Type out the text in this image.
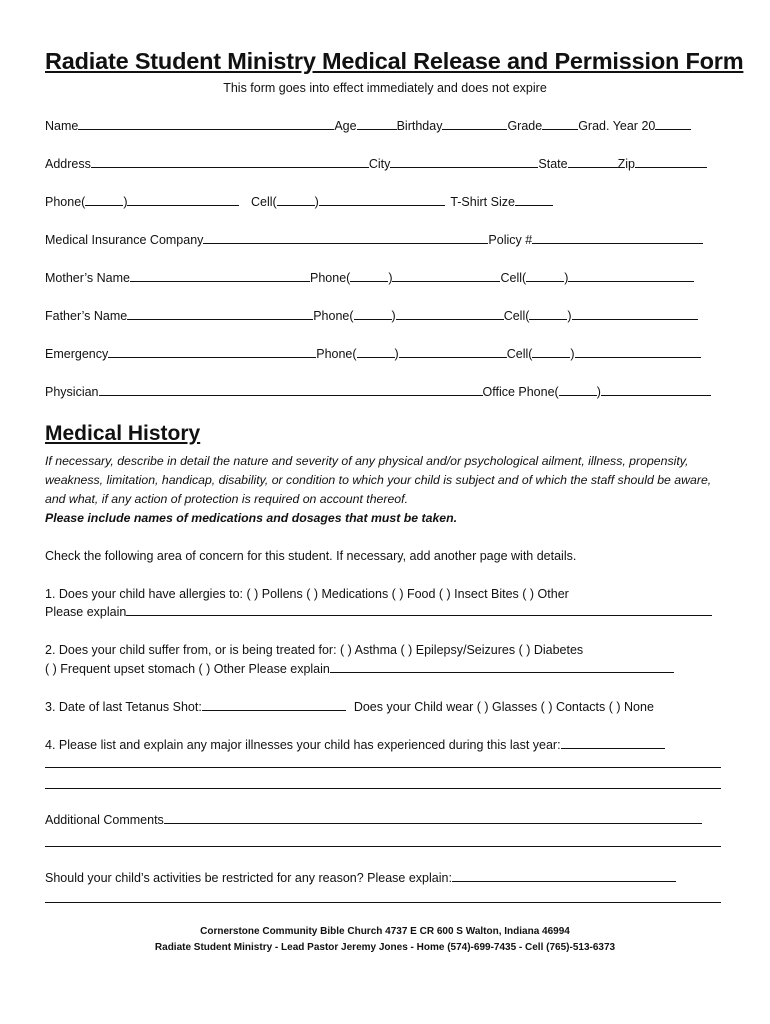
Radiate Student Ministry Medical Release and Permission Form
This form goes into effect immediately and does not expire
Name	Age	Birthday	Grade	Grad. Year 20
Address	City	State	Zip
Phone(	)	Cell(	)	T-Shirt Size
Medical Insurance Company	Policy #
Mother’s Name	Phone(	)	Cell(	)
Father’s Name	Phone(	)	Cell(	)
Emergency	Phone(	)	Cell(	)
Physician	Office Phone(	)
Medical History
If necessary, describe in detail the nature and severity of any physical and/or psychological ailment, illness, propensity, weakness, limitation, handicap, disability, or condition to which your child is subject and of which the staff should be aware, and what, if any action of protection is required on account thereof.
Please include names of medications and dosages that must be taken.
Check the following area of concern for this student. If necessary, add another page with details.
1. Does your child have allergies to: ( ) Pollens ( ) Medications ( ) Food ( ) Insect Bites ( ) Other
Please explain
2. Does your child suffer from, or is being treated for: ( ) Asthma ( ) Epilepsy/Seizures ( ) Diabetes
( ) Frequent upset stomach ( ) Other Please explain
3. Date of last Tetanus Shot:	Does your Child wear ( ) Glasses ( ) Contacts ( ) None
4. Please list and explain any major illnesses your child has experienced during this last year:
Additional Comments
Should your child’s activities be restricted for any reason? Please explain:
Cornerstone Community Bible Church 4737 E CR 600 S Walton, Indiana 46994
Radiate Student Ministry - Lead Pastor Jeremy Jones - Home (574)-699-7435 - Cell (765)-513-6373
